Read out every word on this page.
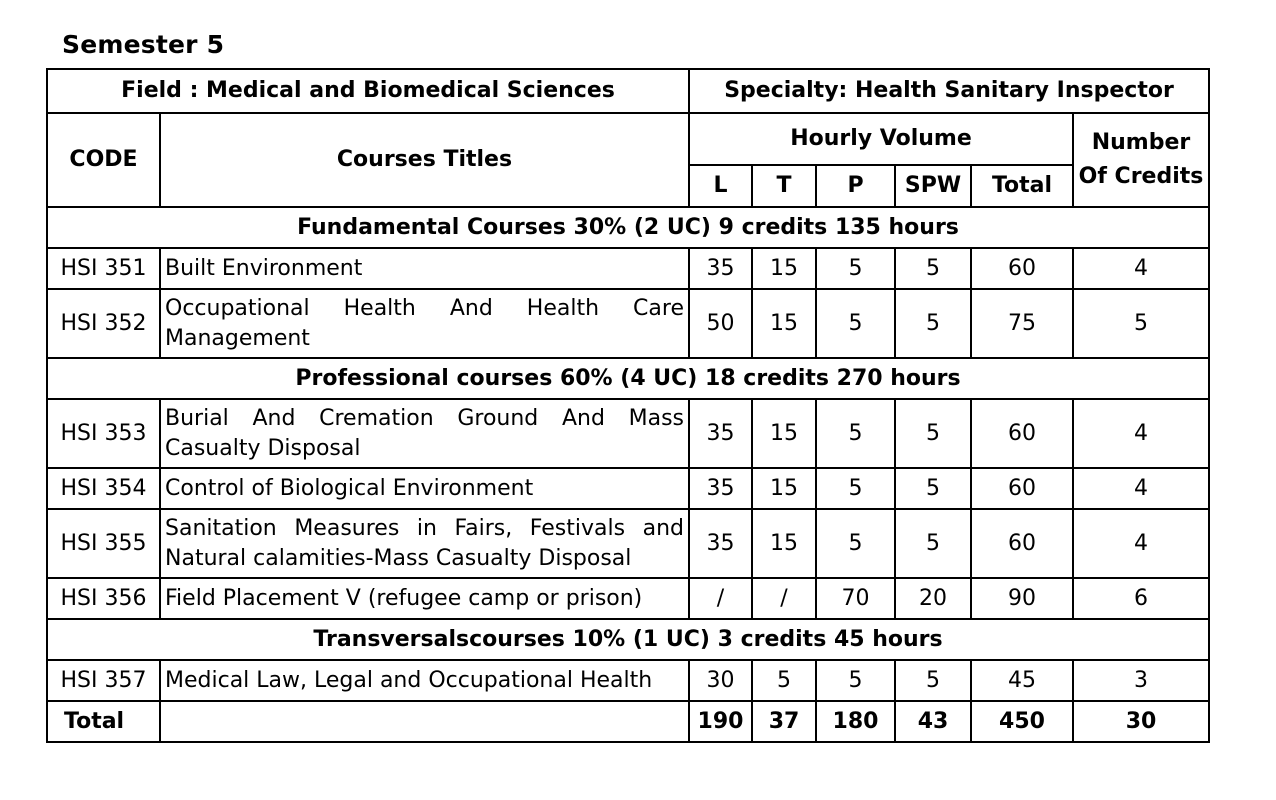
Semester 5
Field : Medical and Biomedical Sciences		Specialty: Health Sanitary Inspector					
CODE	Courses Titles	Hourly Volume					Number Of Credits
		L	T	P	SPW	Total	
Fundamental Courses 30% (2 UC) 9 credits 135 hours							
HSI 351	Built Environment	35	15	5	5	60	4
HSI 352	Occupational Health And Health Care Management	50	15	5	5	75	5
Professional courses 60% (4 UC) 18 credits 270 hours							
HSI 353	Burial And Cremation Ground And Mass Casualty Disposal	35	15	5	5	60	4
HSI 354	Control of Biological Environment	35	15	5	5	60	4
HSI 355	Sanitation Measures in Fairs, Festivals and Natural calamities-Mass Casualty Disposal	35	15	5	5	60	4
HSI 356	Field Placement V (refugee camp or prison)	/	/	70	20	90	6
Transversalscourses 10% (1 UC) 3 credits 45 hours							
HSI 357	Medical Law, Legal and Occupational Health	30	5	5	5	45	3
Total		190	37	180	43	450	30
